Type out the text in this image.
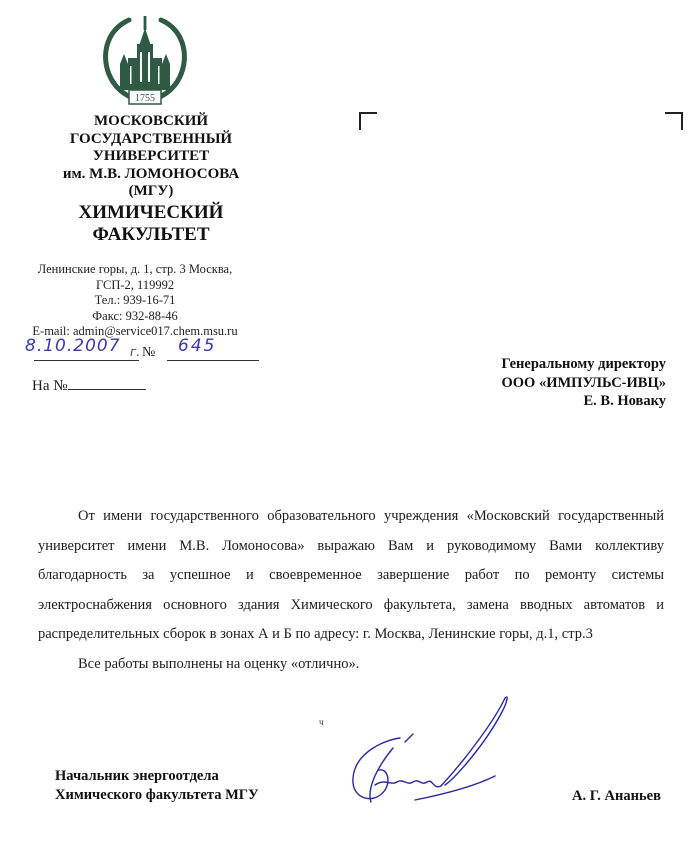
1755
МОСКОВСКИЙ
ГОСУДАРСТВЕННЫЙ
УНИВЕРСИТЕТ
им. М.В. ЛОМОНОСОВА
(МГУ)
ХИМИЧЕСКИЙ
ФАКУЛЬТЕТ
Ленинские горы, д. 1, стр. 3 Москва,
ГСП-2, 119992
Тел.: 939-16-71
Факс: 932-88-46
E-mail: admin@service017.chem.msu.ru
8.10.2007 г. № 645
На №
Генеральному директору
ООО «ИМПУЛЬС-ИВЦ»
Е. В. Новаку

От имени государственного образовательного учреждения «Московский государственный университет имени М.В. Ломоносова» выражаю Вам и руководимому Вами коллективу благодарность за успешное и своевременное завершение работ по ремонту системы электроснабжения основного здания Химического факультета, замена вводных автоматов и распределительных сборок в зонах А и Б по адресу: г. Москва, Ленинские горы, д.1, стр.3

Все работы выполнены на оценку «отлично».

ч
Начальник энергоотдела
Химического факультета МГУ	А. Г. Ананьев
